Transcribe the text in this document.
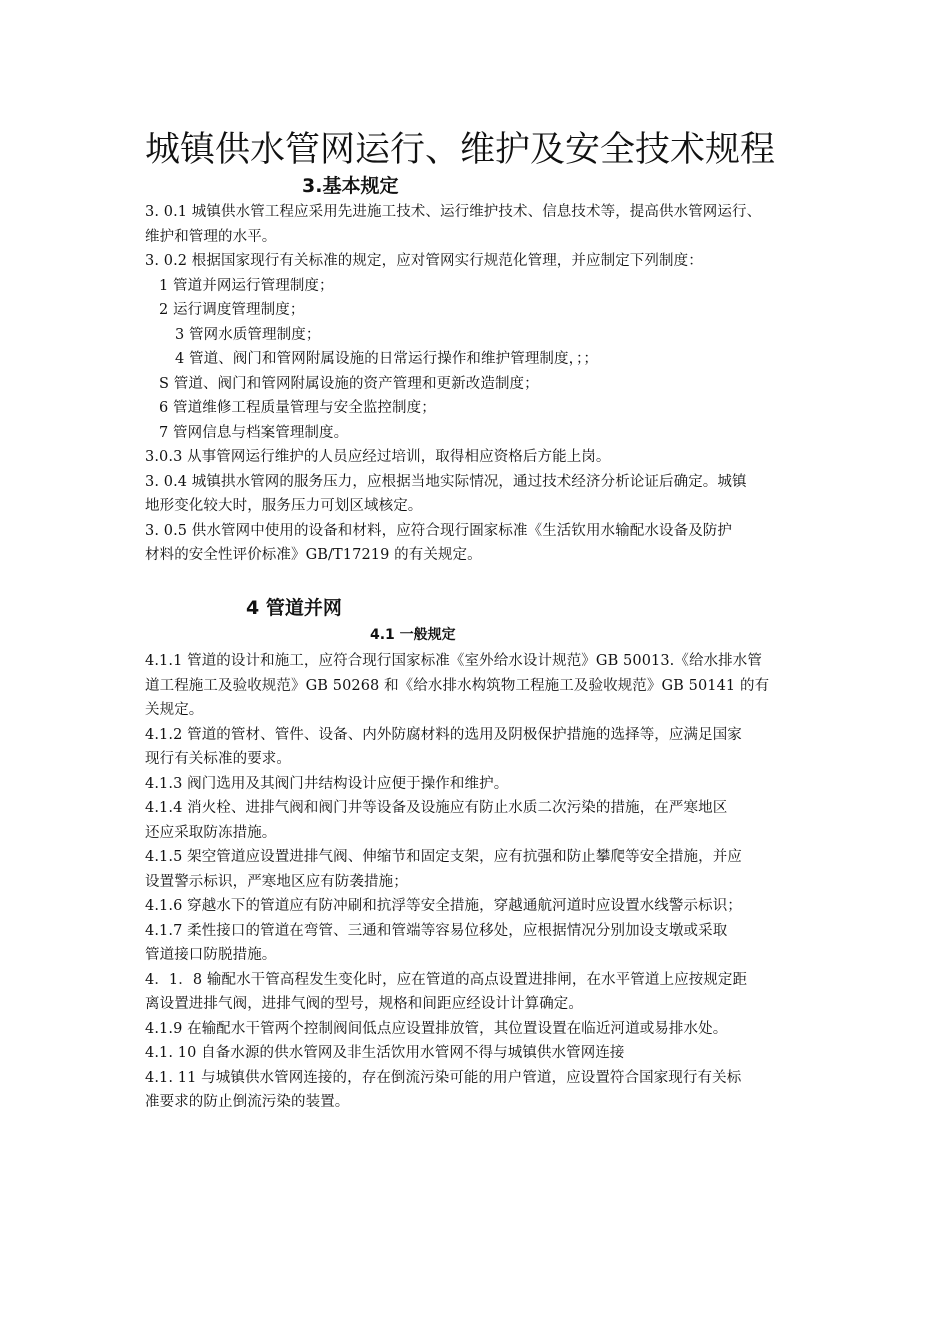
城镇供水管网运行、维护及安全技术规程
3.基本规定
3. 0.1 城镇供水管工程应采用先进施工技术、运行维护技术、信息技术等，提高供水管网运行、
维护和管理的水平。
3. 0.2 根据国家现行有关标准的规定，应对管网实行规范化管理，并应制定下列制度：
1 管道并网运行管理制度；
2 运行调度管理制度；
3 管网水质管理制度；
4 管道、阀门和管网附属设施的日常运行操作和维护管理制度，；；
S 管道、阀门和管网附属设施的资产管理和更新改造制度；
6 管道维修工程质量管理与安全监控制度；
7 管网信息与档案管理制度。
3.0.3 从事管网运行维护的人员应经过培训，取得相应资格后方能上岗。
3. 0.4 城镇拱水管网的服务压力，应根据当地实际情况，通过技术经济分析论证后确定。城镇
地形变化较大时，服务压力可划区域核定。
3. 0.5 供水管网中使用的设备和材料，应符合现行圄家标准《生活钦用水输配水设备及防护
材料的安全性评价标准》GB/T17219 的有关规定。
4 管道并网
4.1 一般规定
4.1.1 管道的设计和施工，应符合现行国家标准《室外给水设计规范》GB 50013.《给水排水管
道工程施工及验收规范》GB 50268 和《给水排水构筑物工程施工及验收规范》GB 50141 的有
关规定。
4.1.2 管道的管材、管件、设备、内外防腐材料的选用及阴极保护措施的选择等，应满足国家
现行有关标准的要求。
4.1.3 阀门选用及其阀门井结构设计应便于操作和维护。
4.1.4 消火栓、进排气阀和阀门井等设备及设施应有防止水质二次污染的措施，在严寒地区
还应采取防冻措施。
4.1.5 架空管道应设置进排气阀、伸缩节和固定支架，应有抗强和防止攀爬等安全措施，并应
设置警示标识，严寒地区应有防袭措施；
4.1.6 穿越水下的管道应有防冲刷和抗浮等安全措施，穿越通航河道时应设置水线警示标识；
4.1.7 柔性接口的管道在弯管、三通和管端等容易位移处，应根据情况分别加设支墩或采取
管道接口防脱措施。
4．1．8 输配水干管高程发生变化时，应在管道的高点设置进排闸，在水平管道上应按规定距
离设置进排气阀，进排气阀的型号，规格和间距应经设计计算确定。
4.1.9 在输配水干管两个控制阀间低点应设置排放管，其位置设置在临近河道或易排水处。
4.1. 10 自备水源的供水管网及非生活饮用水管网不得与城镇供水管网连接
4.1. 11 与城镇供水管网连接的，存在倒流污染可能的用户管道，应设置符合国家现行有关标
准要求的防止倒流污染的装置。
